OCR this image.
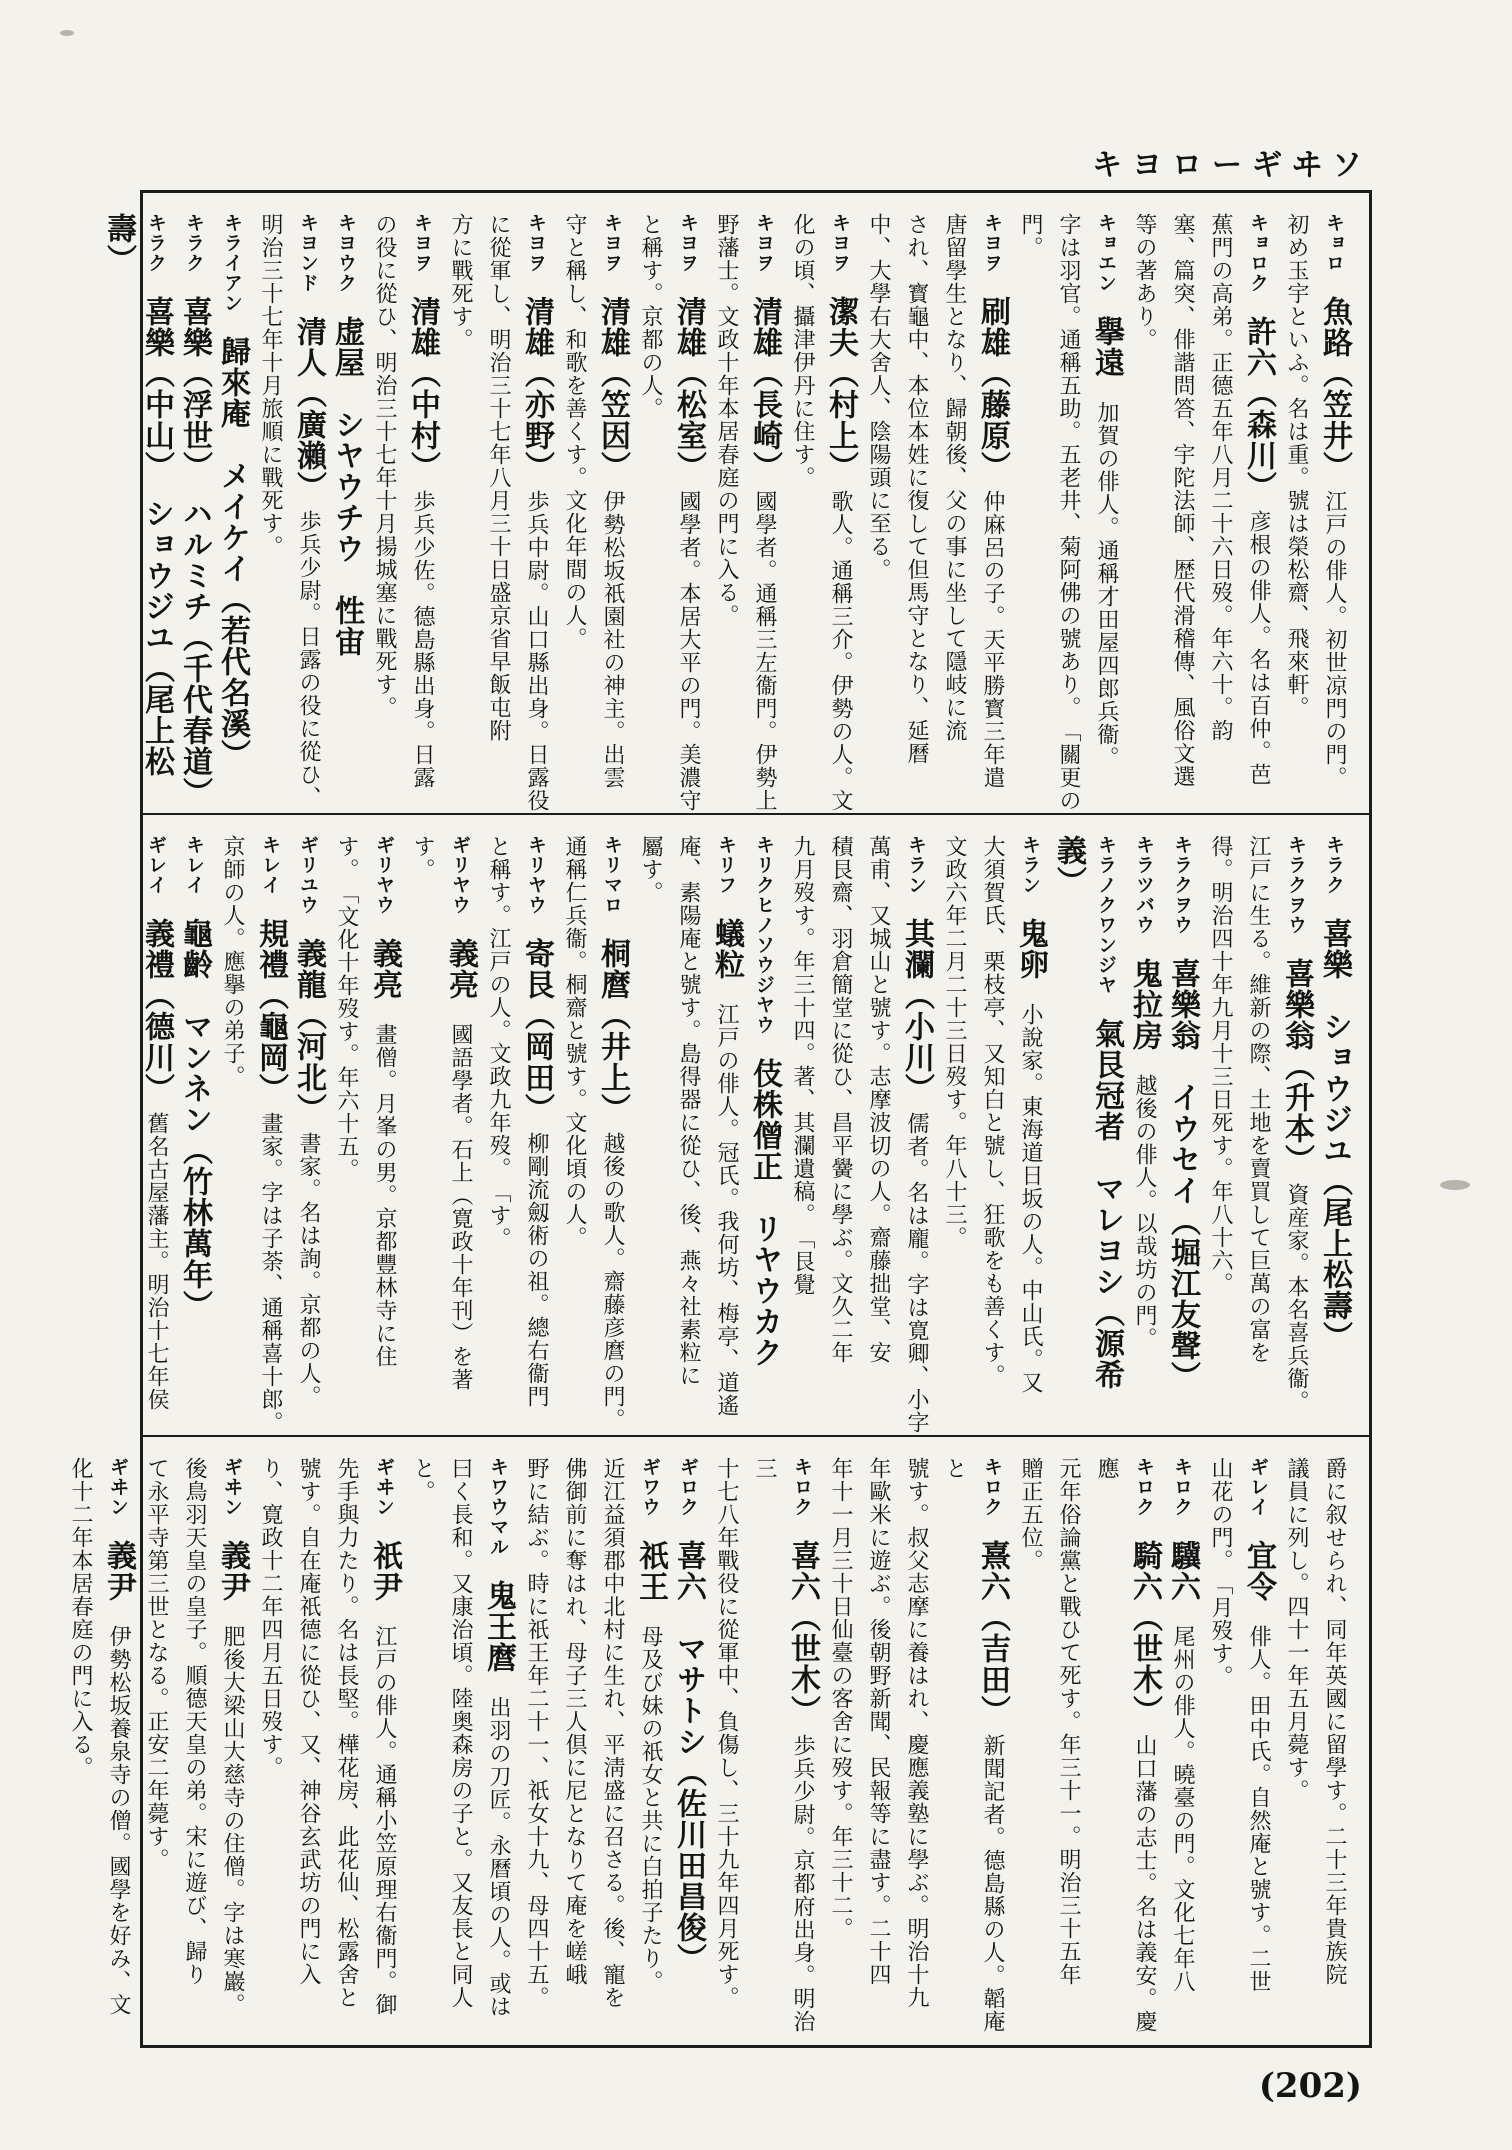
キヨローギヰソ
キョロ　魚路（笠井）　江戸の俳人。初世凉門の門。
初め玉宇といふ。名は重。號は榮松齋、飛來軒。
キョロク　許六（森川）　彦根の俳人。名は百仲。芭
蕉門の高弟。正德五年八月二十六日歿。年六十。韵
塞、篇突、俳諧問答、宇陀法師、歴代滑稽傳、風俗文選
等の著あり。
キョエン　擧遠　加賀の俳人。通稱才田屋四郎兵衞。
字は羽官。通稱五助。五老井、菊阿佛の號あり。　「關更の門。
キヨヲ　刷雄（藤原）　仲麻呂の子。天平勝寳三年遣
唐留學生となり、歸朝後、父の事に坐して隱岐に流
され、寳龜中、本位本姓に復して但馬守となり、延曆
中、大學右大舍人、陰陽頭に至る。
キヨヲ　潔夫（村上）　歌人。通稱三介。伊勢の人。文
化の頃、攝津伊丹に住す。
キヨヲ　清雄（長崎）　國學者。通稱三左衞門。伊勢上
野藩士。文政十年本居春庭の門に入る。
キヨヲ　清雄（松室）　國學者。本居大平の門。美濃守
と稱す。京都の人。
キヨヲ　清雄（笠因）　伊勢松坂祇園社の神主。出雲
守と稱し、和歌を善くす。文化年間の人。
キヨヲ　清雄（亦野）　歩兵中尉。山口縣出身。日露役
に從軍し、明治三十七年八月三十日盛京省早飯屯附
方に戰死す。
キヨヲ　清雄（中村）　歩兵少佐。德島縣出身。日露
の役に從ひ、明治三十七年十月揚城塞に戰死す。
キヨウク　虚屋　シヤウチウ　性宙　
キヨンド　清人（廣瀨）　歩兵少尉。日露の役に從ひ、
明治三十七年十月旅順に戰死す。
キライアン　歸來庵　メイケイ（若代名溪）　
キラク　喜樂（浮世）　ハルミチ（千代春道）　
キラク　喜樂（中山）　ショウジユ（尾上松壽）　
キラク　喜樂　ショウジユ（尾上松壽）　
キラクヲウ　喜樂翁（升本）　資産家。本名喜兵衞。
江戸に生る。維新の際、土地を賣買して巨萬の富を
得。明治四十年九月十三日死す。年八十六。
キラクヲウ　喜樂翁　イウセイ（堀江友聲）　
キラツバウ　鬼拉房　越後の俳人。以哉坊の門。
キラノクワンジヤ　氣艮冠者　マレヨシ（源希
義）　
キラン　鬼卵　小說家。東海道日坂の人。中山氏。又
大須賀氏、栗枝亭、又知白と號し、狂歌をも善くす。
文政六年二月二十三日歿す。年八十三。
キラン　其瀾（小川）　儒者。名は龐。字は寛卿、小字
萬甫、又城山と號す。志摩波切の人。齋藤拙堂、安
積艮齋、羽倉簡堂に從ひ、昌平黌に學ぶ。文久二年
九月歿す。年三十四。著、其瀾遺稿。　「艮覺
キリクヒノソウジヤウ　伎株僧正　リヤウカク　
キリフ　蟻粒　江戸の俳人。冠氏。我何坊、梅亭、道遙
庵、素陽庵と號す。島得器に從ひ、後、燕々社素粒に
屬す。
キリマロ　桐麿（井上）　越後の歌人。齋藤彦麿の門。
通稱仁兵衞。桐齋と號す。文化頃の人。
キリヤウ　寄艮（岡田）　柳剛流劔術の祖。總右衞門
と稱す。江戸の人。文政九年歿。　「す。
ギリヤウ　義亮　國語學者。石上（寛政十年刊）を著
す。
ギリヤウ　義亮　畫僧。月峯の男。京都豐林寺に住
す。　「文化十年歿す。年六十五。
ギリユウ　義龍（河北）　書家。名は詢。京都の人。
キレイ　規禮（龜岡）　畫家。字は子荼、通稱喜十郎。
京師の人。應擧の弟子。
キレイ　龜齡　マンネン（竹林萬年）　
ギレイ　義禮（德川）　舊名古屋藩主。明治十七年侯
爵に叙せられ、同年英國に留學す。二十三年貴族院
議員に列し。四十一年五月薨す。
ギレイ　宜令　俳人。田中氏。自然庵と號す。二世
山花の門。　「月歿す。
キロク　驥六　尾州の俳人。曉臺の門。文化七年八
キロク　騎六（世木）　山口藩の志士。名は義安。慶應
元年俗論黨と戰ひて死す。年三十一。明治三十五年
贈正五位。
キロク　熹六（吉田）　新聞記者。德島縣の人。韜庵と
號す。叔父志摩に養はれ、慶應義塾に學ぶ。明治十九
年歐米に遊ぶ。後朝野新聞、民報等に盡す。二十四
年十一月三十日仙臺の客舍に歿す。年三十二。
キロク　喜六（世木）　歩兵少尉。京都府出身。明治三
十七八年戰役に從軍中、負傷し、三十九年四月死す。
ギロク　喜六　マサトシ（佐川田昌俊）　
ギワウ　祇王　母及び妹の祇女と共に白拍子たり。
近江益須郡中北村に生れ、平淸盛に召さる。後、寵を
佛御前に奪はれ、母子三人倶に尼となりて庵を嵯峨
野に結ぶ。時に祇王年二十一、祇女十九、母四十五。
キワウマル　鬼王麿　出羽の刀匠。永曆頃の人。或は
曰く長和。又康治頃。陸奥森房の子と。又友長と同人
と。
ギヰン　祇尹　江戸の俳人。通稱小笠原理右衞門。御
先手與力たり。名は長堅。樺花房、此花仙、松露舍と
號す。自在庵祇德に從ひ、又、神谷玄武坊の門に入
り、寛政十二年四月五日歿す。
ギヰン　義尹　肥後大梁山大慈寺の住僧。字は寒巖。
後鳥羽天皇の皇子。順德天皇の弟。宋に遊び、歸り
て永平寺第三世となる。正安二年薨す。
ギヰン　義尹　伊勢松坂養泉寺の僧。國學を好み、文
化十二年本居春庭の門に入る。
(202)
